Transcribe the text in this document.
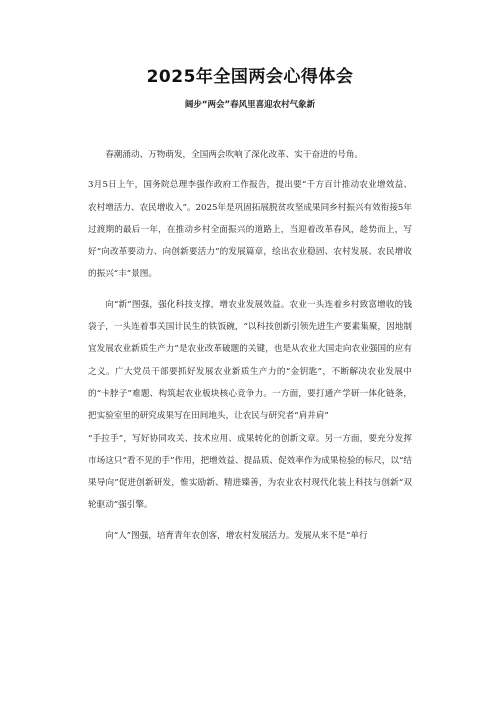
2025年全国两会心得体会
阔步“两会”春风里喜迎农村气象新

春潮涌动、万物萌发，全国两会吹响了深化改革、实干奋进的号角。

3月5日上午，国务院总理李强作政府工作报告，提出要“千方百计推动农业增效益、农村增活力、农民增收入”。2025年是巩固拓展脱贫攻坚成果同乡村振兴有效衔接5年过渡期的最后一年，在推动乡村全面振兴的道路上，当迎着改革春风，趁势而上，写好“向改革要动力、向创新要活力”的发展篇章，绘出农业稳固、农村发展、农民增收的振兴“丰”景图。

向“新”图强，强化科技支撑，增农业发展效益。农业一头连着乡村致富增收的钱袋子，一头连着事关国计民生的铁饭碗，“以科技创新引领先进生产要素集聚，因地制宜发展农业新质生产力”是农业改革破题的关键，也是从农业大国走向农业强国的应有之义。广大党员干部要抓好发展农业新质生产力的“金钥匙”，不断解决农业发展中的“卡脖子”难题、构筑起农业板块核心竞争力。一方面，要打通产学研一体化链条，把实验室里的研究成果写在田间地头，让农民与研究者“肩并肩”

“手拉手”，写好协同攻关、技术应用、成果转化的创新文章。另一方面，要充分发挥市场这只“看不见的手”作用，把增效益、提品质、促效率作为成果检验的标尺，以“结果导向”促进创新研发，惟实励新、精进臻善，为农业农村现代化装上科技与创新“双轮驱动”强引擎。

向“人”图强，培育青年农创客，增农村发展活力。发展从来不是“单行
